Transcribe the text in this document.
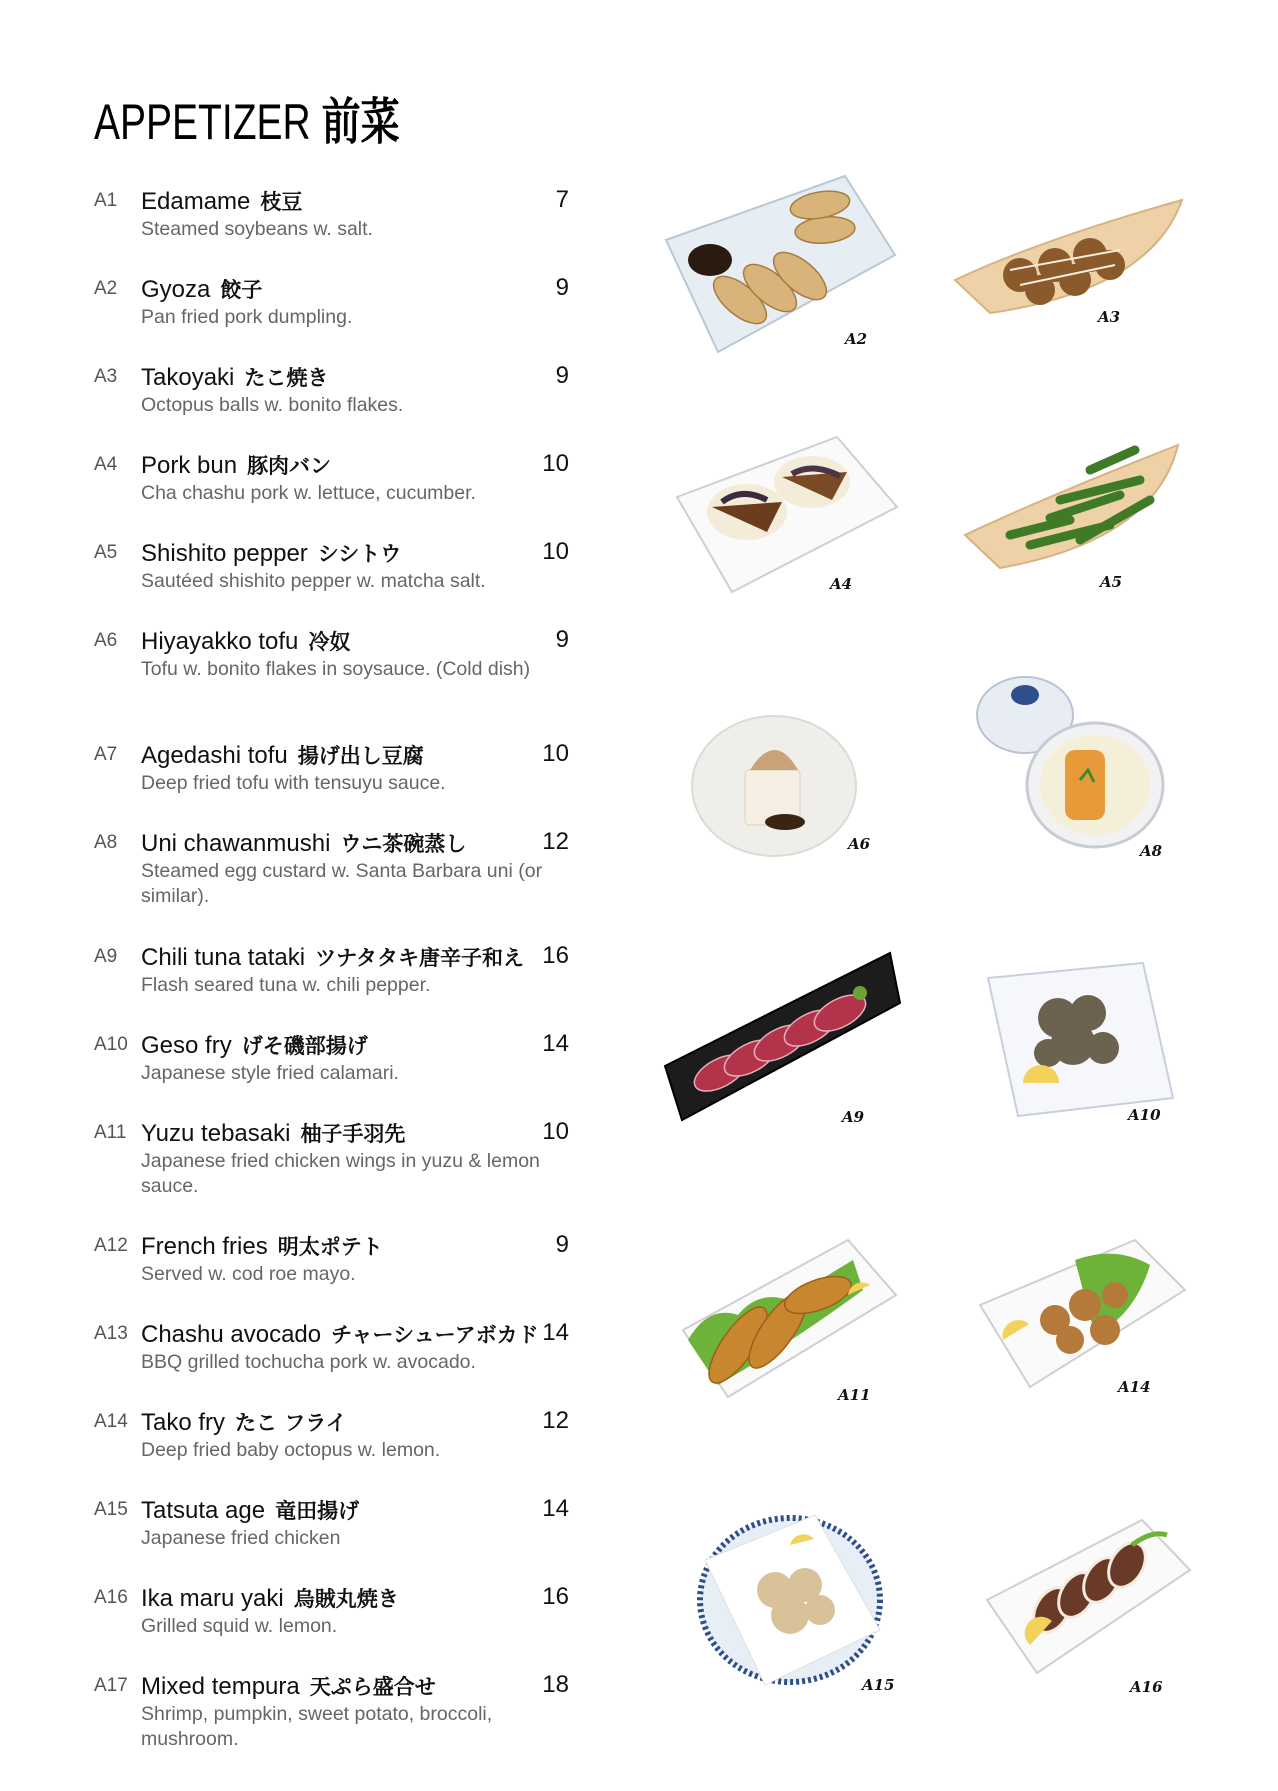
APPETIZER 前菜
A1 Edamame 枝豆	7
Steamed soybeans w. salt.
A2 Gyoza 餃子	9
Pan fried pork dumpling.
A3 Takoyaki たこ焼き	9
Octopus balls w. bonito flakes.
A4 Pork bun 豚肉バン	10
Cha chashu pork w. lettuce, cucumber.
A5 Shishito pepper シシトウ	10
Sautéed shishito pepper w. matcha salt.
A6 Hiyayakko tofu 冷奴	9
Tofu w. bonito flakes in soysauce. (Cold dish)
A7 Agedashi tofu 揚げ出し豆腐	10
Deep fried tofu with tensuyu sauce.
A8 Uni chawanmushi ウニ茶碗蒸し	12
Steamed egg custard w. Santa Barbara uni (or similar).
A9 Chili tuna tataki ツナタタキ唐辛子和え 16
Flash seared tuna w. chili pepper.
A10 Geso fry げそ磯部揚げ	14
Japanese style fried calamari.
A11 Yuzu tebasaki 柚子手羽先	10
Japanese fried chicken wings in yuzu & lemon sauce.
A12 French fries 明太ポテト	9
Served w. cod roe mayo.
A13 Chashu avocado チャーシューアボカド 14
BBQ grilled tochucha pork w. avocado.
A14 Tako fry たこ フライ	12
Deep fried baby octopus w. lemon.
A15 Tatsuta age 竜田揚げ	14
Japanese fried chicken
A16 Ika maru yaki 烏賊丸焼き	16
Grilled squid w. lemon.
A17 Mixed tempura 天ぷら盛合せ	18
Shrimp, pumpkin, sweet potato, broccoli, mushroom.
A2
A3
A4	A5
A6	A8
A9	A10
A11	A14
A15	A16
